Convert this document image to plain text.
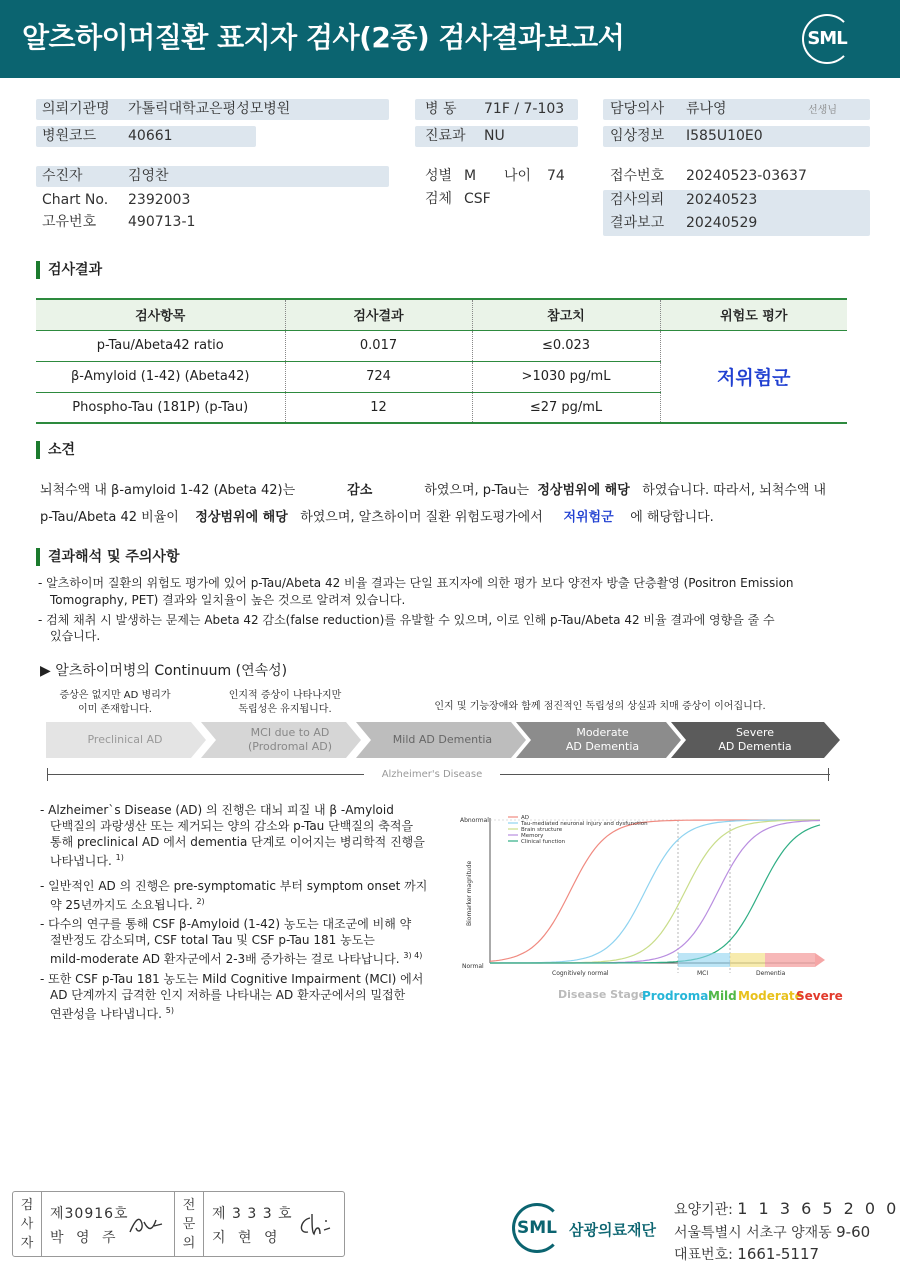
알츠하이머질환 표지자 검사(2종) 검사결과보고서	SML
의뢰기관명 가톨릭대학교은평성모병원
병원코드 40661
병 동 71F / 7-103
진료과 NU
담당의사 류나영	선생님
임상정보 I585U10E0
수진자	김영찬
Chart No. 2392003
고유번호 490713-1
성별 M 나이 74
검체 CSF
접수번호 20240523-03637
검사의뢰 20240523
결과보고 20240529
검사결과
검사항목	검사결과	참고치	위험도 평가
p-Tau/Abeta42 ratio	0.017	≤0.023	저위험군
β-Amyloid (1-42) (Abeta42)	724	>1030 pg/mL	
Phospho-Tau (181P) (p-Tau)	12	≤27 pg/mL	
소견
뇌척수액 내 β-amyloid 1-42 (Abeta 42)는	감소	하였으며, p-Tau는 정상범위에 해당 하였습니다. 따라서, 뇌척수액 내
p-Tau/Abeta 42 비율이 정상범위에 해당 하였으며, 알츠하이머 질환 위험도평가에서 저위험군 에 해당합니다.
결과해석 및 주의사항
- 알츠하이머 질환의 위험도 평가에 있어 p-Tau/Abeta 42 비율 결과는 단일 표지자에 의한 평가 보다 양전자 방출 단층촬영 (Positron Emission
Tomography, PET) 결과와 일치율이 높은 것으로 알려져 있습니다.
- 검체 채취 시 발생하는 문제는 Abeta 42 감소(false reduction)를 유발할 수 있으며, 이로 인해 p-Tau/Abeta 42 비율 결과에 영향을 줄 수
있습니다.
▶ 알츠하이머병의 Continuum (연속성)
증상은 없지만 AD 병리가
이미 존재합니다.
인지적 증상이 나타나지만
독립성은 유지됩니다.	인지 및 기능장애와 함께 점진적인 독립성의 상실과 치매 증상이 이어집니다.
Preclinical AD
MCI due to AD
(Prodromal AD)
Mild AD Dementia
Moderate
AD Dementia
Severe
AD Dementia
Alzheimer's Disease
- Alzheimer`s Disease (AD) 의 진행은 대뇌 피질 내 β -Amyloid
단백질의 과랑생산 또는 제거되는 양의 감소와 p-Tau 단백질의 축적을
통해 preclinical AD 에서 dementia 단계로 이어지는 병리학적 진행을
나타냅니다. $^{1)}$
- 일반적인 AD 의 진행은 pre-symptomatic 부터 symptom onset 까지
약 25년까지도 소요됩니다. $^{2)}$
- 다수의 연구를 통해 CSF β-Amyloid (1-42) 농도는 대조군에 비해 약
절반정도 감소되며, CSF total Tau 및 CSF p-Tau 181 농도는
mild-moderate AD 환자군에서 2-3배 증가하는 걸로 나타납니다. $^{3) 4)}$
- 또한 CSF p-Tau 181 농도는 Mild Cognitive Impairment (MCI) 에서
AD 단계까지 급격한 인지 저하를 나타내는 AD 환자군에서의 밀접한
연관성을 나타냅니다. $^{5)}$
Abnormal
Normal
Biomarker magnitude
AD
Tau-mediated neuronal injury and dysfunction
Brain structure
Memory
Clinical function
Cognitively normal	MCI	Dementia
Disease Stage
Prodromal
Mild Moderate
Severe
검
사
자
제30916호
박 영 주
전
문
의
제 3 3 3 호
지 현 영	SML 삼광의료재단
요양기관: 1 1 3 6 5 2 0 0
서울특별시 서초구 양재동 9-60
대표번호: 1661-5117
